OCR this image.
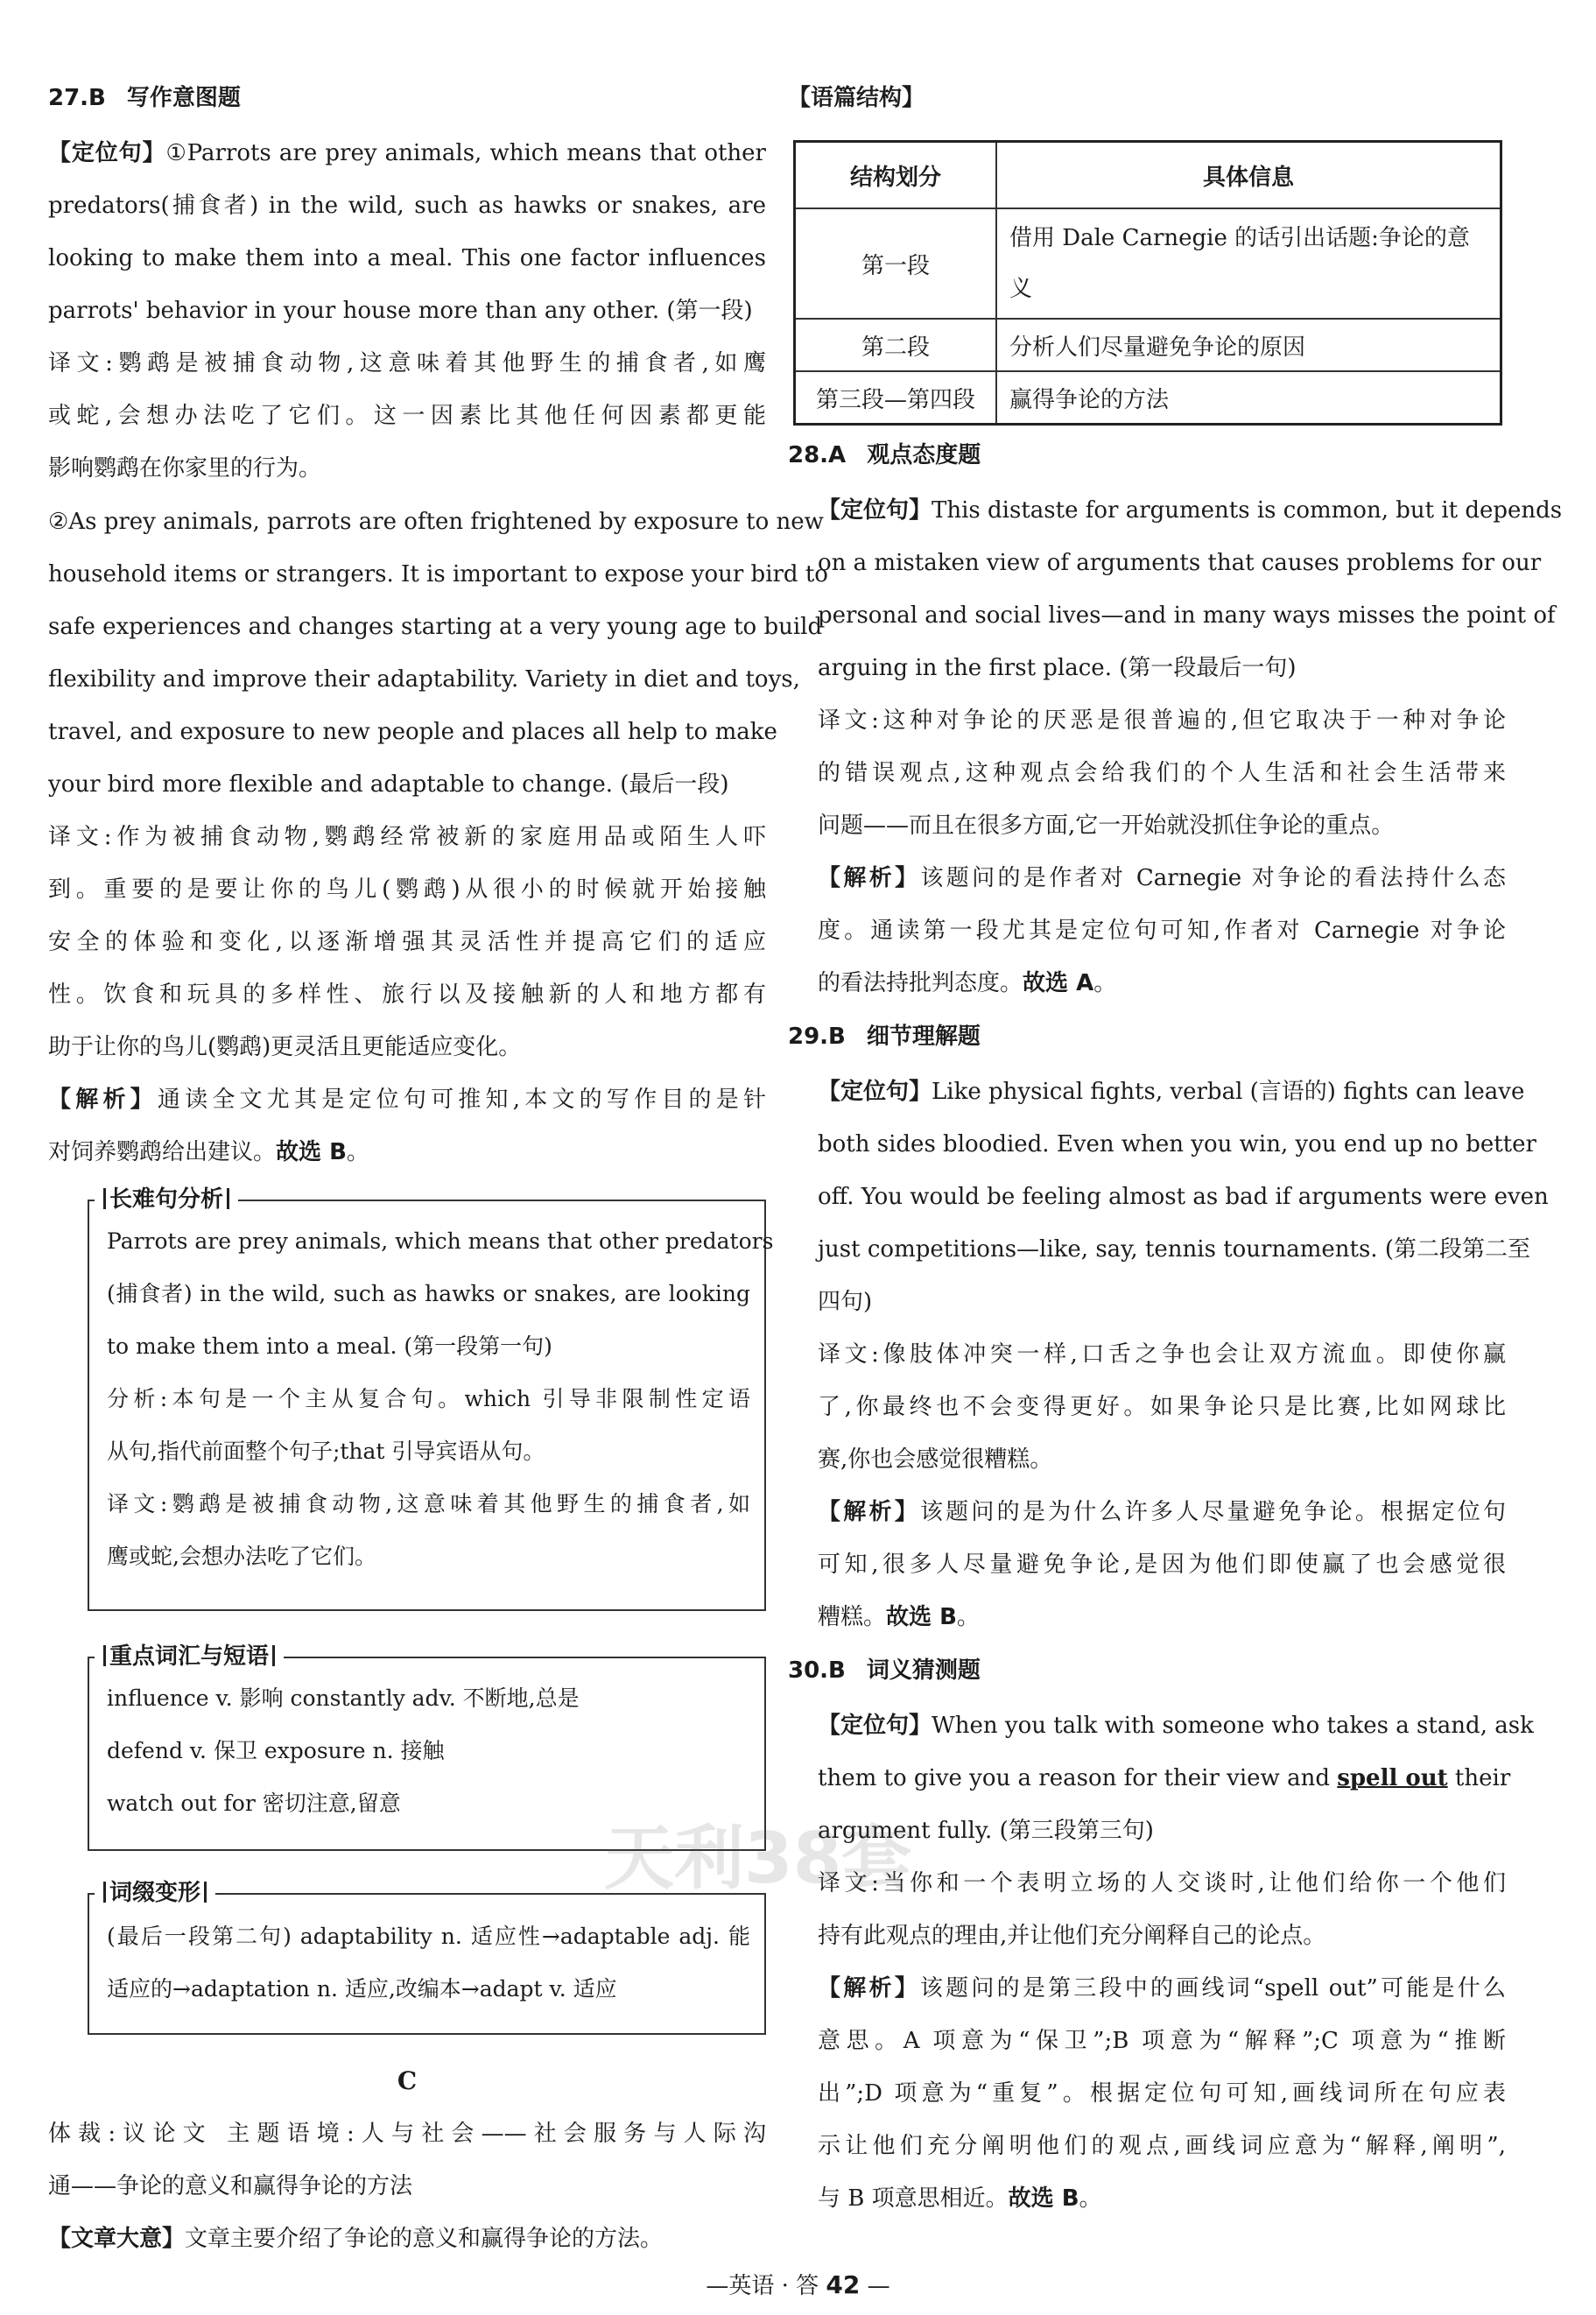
27.B 写作意图题
【定位句】①Parrots are prey animals, which means that other
predators(捕食者) in the wild, such as hawks or snakes, are
looking to make them into a meal. This one factor influences
parrots' behavior in your house more than any other. (第一段)
译文:鹦鹉是被捕食动物,这意味着其他野生的捕食者,如鹰
或蛇,会想办法吃了它们。这一因素比其他任何因素都更能
影响鹦鹉在你家里的行为。
②As prey animals, parrots are often frightened by exposure to new
household items or strangers. It is important to expose your bird to
safe experiences and changes starting at a very young age to build
flexibility and improve their adaptability. Variety in diet and toys,
travel, and exposure to new people and places all help to make
your bird more flexible and adaptable to change. (最后一段)
译文:作为被捕食动物,鹦鹉经常被新的家庭用品或陌生人吓
到。重要的是要让你的鸟儿(鹦鹉)从很小的时候就开始接触
安全的体验和变化,以逐渐增强其灵活性并提高它们的适应
性。饮食和玩具的多样性、旅行以及接触新的人和地方都有
助于让你的鸟儿(鹦鹉)更灵活且更能适应变化。
【解析】通读全文尤其是定位句可推知,本文的写作目的是针
对饲养鹦鹉给出建议。故选 B。
长难句分析
Parrots are prey animals, which means that other predators
(捕食者) in the wild, such as hawks or snakes, are looking
to make them into a meal. (第一段第一句)
分析:本句是一个主从复合句。which 引导非限制性定语
从句,指代前面整个句子;that 引导宾语从句。
译文:鹦鹉是被捕食动物,这意味着其他野生的捕食者,如
鹰或蛇,会想办法吃了它们。
重点词汇与短语
influence v. 影响 constantly adv. 不断地,总是
defend v. 保卫 exposure n. 接触
watch out for 密切注意,留意
词缀变形
(最后一段第二句) adaptability n. 适应性→adaptable adj. 能
适应的→adaptation n. 适应,改编本→adapt v. 适应
C
体裁:议论文 主题语境:人与社会——社会服务与人际沟
通——争论的意义和赢得争论的方法
【文章大意】文章主要介绍了争论的意义和赢得争论的方法。
【语篇结构】
结构划分	具体信息
第一段	借用 Dale Carnegie 的话引出话题:争论的意义
第二段	分析人们尽量避免争论的原因
第三段—第四段	赢得争论的方法
28.A 观点态度题
【定位句】This distaste for arguments is common, but it depends
on a mistaken view of arguments that causes problems for our
personal and social lives—and in many ways misses the point of
arguing in the first place. (第一段最后一句)
译文:这种对争论的厌恶是很普遍的,但它取决于一种对争论
的错误观点,这种观点会给我们的个人生活和社会生活带来
问题——而且在很多方面,它一开始就没抓住争论的重点。
【解析】该题问的是作者对 Carnegie 对争论的看法持什么态
度。通读第一段尤其是定位句可知,作者对 Carnegie 对争论
的看法持批判态度。故选 A。
29.B 细节理解题
【定位句】Like physical fights, verbal (言语的) fights can leave
both sides bloodied. Even when you win, you end up no better
off. You would be feeling almost as bad if arguments were even
just competitions—like, say, tennis tournaments. (第二段第二至
四句)
译文:像肢体冲突一样,口舌之争也会让双方流血。即使你赢
了,你最终也不会变得更好。如果争论只是比赛,比如网球比
赛,你也会感觉很糟糕。
【解析】该题问的是为什么许多人尽量避免争论。根据定位句
可知,很多人尽量避免争论,是因为他们即使赢了也会感觉很
糟糕。故选 B。
30.B 词义猜测题
【定位句】When you talk with someone who takes a stand, ask
them to give you a reason for their view and spell out their
argument fully. (第三段第三句)
译文:当你和一个表明立场的人交谈时,让他们给你一个他们
持有此观点的理由,并让他们充分阐释自己的论点。
【解析】该题问的是第三段中的画线词“spell out”可能是什么
意思。A 项意为“保卫”;B 项意为“解释”;C 项意为“推断
出”;D 项意为“重复”。根据定位句可知,画线词所在句应表
示让他们充分阐明他们的观点,画线词应意为“解释,阐明”,
与 B 项意思相近。故选 B。
天利38套
—英语 · 答 42 —
